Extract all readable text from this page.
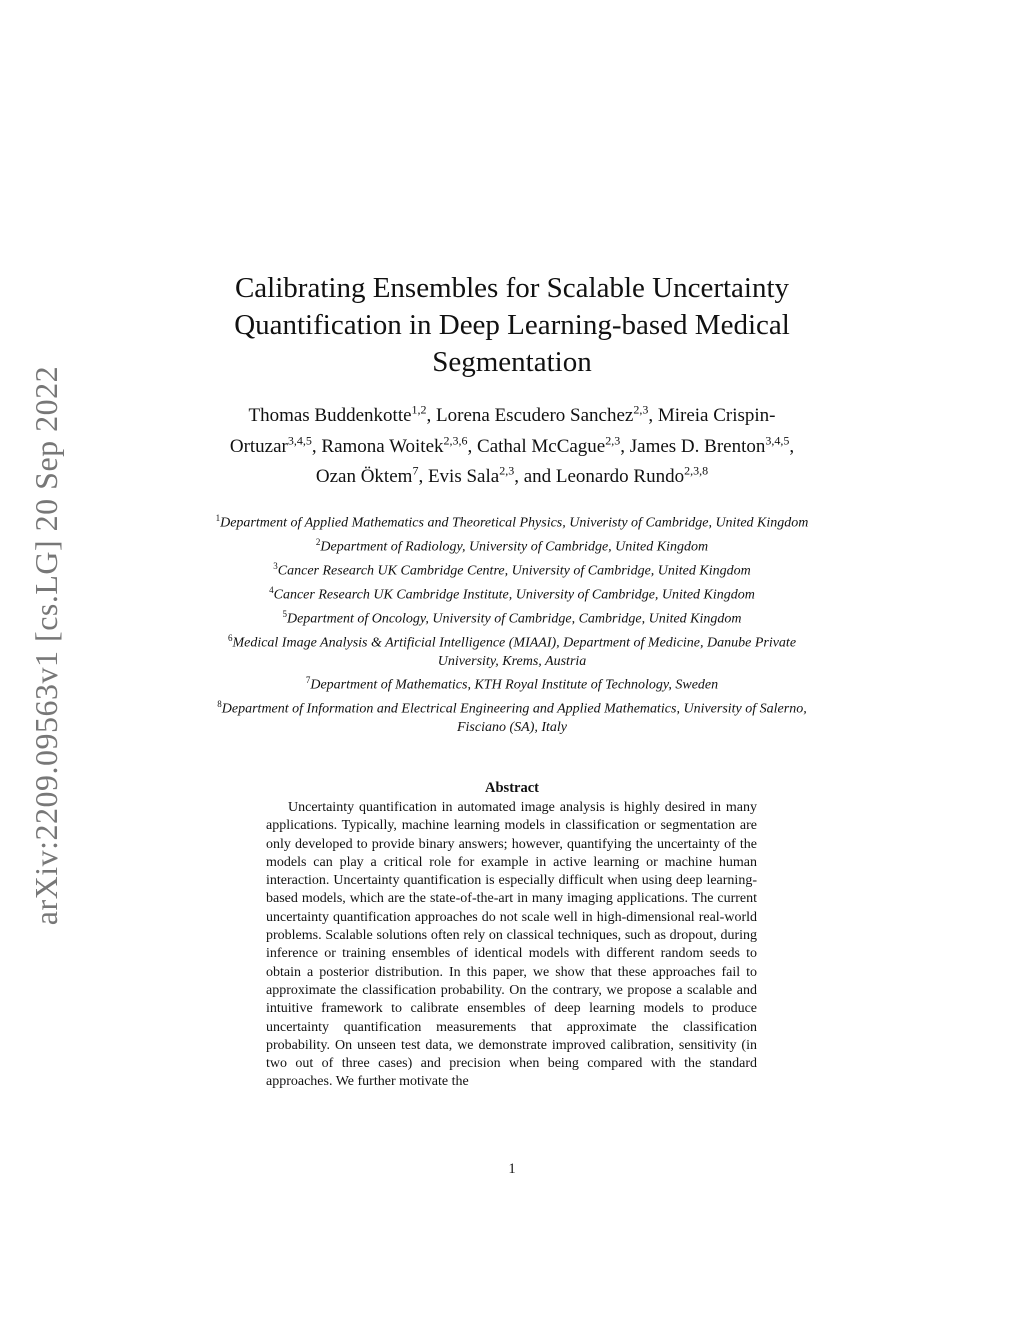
arXiv:2209.09563v1 [cs.LG] 20 Sep 2022
Calibrating Ensembles for Scalable Uncertainty Quantification in Deep Learning-based Medical Segmentation
Thomas Buddenkotte$^{1,2}$, Lorena Escudero Sanchez$^{2,3}$, Mireia Crispin-Ortuzar$^{3,4,5}$, Ramona Woitek$^{2,3,6}$, Cathal McCague$^{2,3}$, James D. Brenton$^{3,4,5}$, Ozan Öktem$^7$, Evis Sala$^{2,3}$, and Leonardo Rundo$^{2,3,8}$
$^1$Department of Applied Mathematics and Theoretical Physics, Univeristy of Cambridge, United Kingdom
$^2$Department of Radiology, University of Cambridge, United Kingdom
$^3$Cancer Research UK Cambridge Centre, University of Cambridge, United Kingdom
$^4$Cancer Research UK Cambridge Institute, University of Cambridge, United Kingdom
$^5$Department of Oncology, University of Cambridge, Cambridge, United Kingdom
$^6$Medical Image Analysis & Artificial Intelligence (MIAAI), Department of Medicine, Danube Private University, Krems, Austria
$^7$Department of Mathematics, KTH Royal Institute of Technology, Sweden
$^8$Department of Information and Electrical Engineering and Applied Mathematics, University of Salerno, Fisciano (SA), Italy
Abstract

Uncertainty quantification in automated image analysis is highly desired in many applications. Typically, machine learning models in classification or segmentation are only developed to provide binary answers; however, quantifying the uncertainty of the models can play a critical role for example in active learning or machine human interaction. Uncertainty quantification is especially difficult when using deep learning-based models, which are the state-of-the-art in many imaging applications. The current uncertainty quantification approaches do not scale well in high-dimensional real-world problems. Scalable solutions often rely on classical techniques, such as dropout, during inference or training ensembles of identical models with different random seeds to obtain a posterior distribution. In this paper, we show that these approaches fail to approximate the classification probability. On the contrary, we propose a scalable and intuitive framework to calibrate ensembles of deep learning models to produce uncertainty quantification measurements that approximate the classification probability. On unseen test data, we demonstrate improved calibration, sensitivity (in two out of three cases) and precision when being compared with the standard approaches. We further motivate the

1
